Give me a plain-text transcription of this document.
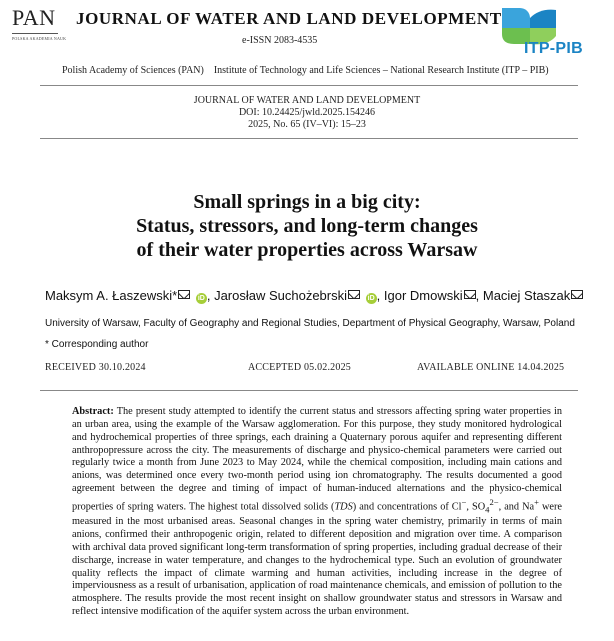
PAN
POLSKA AKADEMIA NAUK
JOURNAL OF WATER AND LAND DEVELOPMENT
e-ISSN 2083-4535	ITP-PIB
Polish Academy of Sciences (PAN)    Institute of Technology and Life Sciences – National Research Institute (ITP – PIB)
JOURNAL OF WATER AND LAND DEVELOPMENT
DOI: 10.24425/jwld.2025.154246
2025, No. 65 (IV–VI): 15–23
Small springs in a big city:
Status, stressors, and long-term changes
of their water properties across Warsaw
Maksym A. Łaszewski*	iD , Jarosław Suchożebrski	iD , Igor Dmowski , Maciej Staszak
University of Warsaw, Faculty of Geography and Regional Studies, Department of Physical Geography, Warsaw, Poland
* Corresponding author
RECEIVED 30.10.2024	ACCEPTED 05.02.2025	AVAILABLE ONLINE 14.04.2025
Abstract: The present study attempted to identify the current status and stressors affecting spring water properties in an urban area, using the example of the Warsaw agglomeration. For this purpose, they study monitored hydrological and hydrochemical properties of three springs, each draining a Quaternary porous aquifer and representing different anthropopressure across the city. The measurements of discharge and physico-chemical parameters were carried out regularly twice a month from June 2023 to May 2024, while the chemical composition, including main cations and anions, was determined once every two-month period using ion chromatography. The results documented a good agreement between the degree and timing of impact of human-induced alternations and the physico-chemical properties of spring waters. The highest total dissolved solids (TDS) and concentrations of Cl−, $SO_4^{2-}$, and Na+ were measured in the most urbanised areas. Seasonal changes in the spring water chemistry, primarily in terms of main anions, confirmed their anthropogenic origin, related to different deposition and migration over time. A comparison with archival data proved significant long-term transformation of spring properties, including gradual decrease of their discharge, increase in water temperature, and changes to the hydrochemical type. Such an evolution of groundwater quality reflects the impact of climate warming and human activities, including increase in the degree of imperviousness as a result of urbanisation, application of road maintenance chemicals, and emission of pollution to the atmosphere. The results provide the most recent insight on shallow groundwater status and stressors in Warsaw and reflect intensive modification of the aquifer system across the urban environment.
